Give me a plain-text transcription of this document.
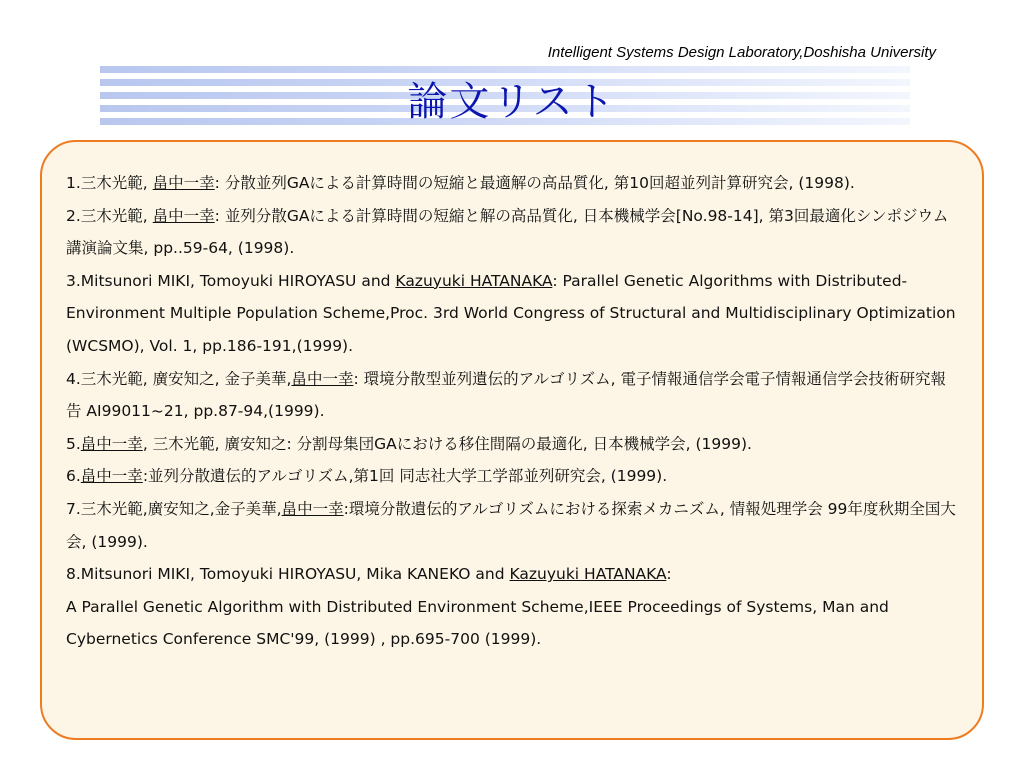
Intelligent Systems Design Laboratory,Doshisha University
論文リスト

1.三木光範, 畠中一幸: 分散並列GAによる計算時間の短縮と最適解の高品質化, 第10回超並列計算研究会, (1998).

2.三木光範, 畠中一幸: 並列分散GAによる計算時間の短縮と解の高品質化, 日本機械学会[No.98-14], 第3回最適化シンポジウム講演論文集, pp..59-64, (1998).

3.Mitsunori MIKI, Tomoyuki HIROYASU and Kazuyuki HATANAKA: Parallel Genetic Algorithms with Distributed-Environment Multiple Population Scheme,Proc. 3rd World Congress of Structural and Multidisciplinary Optimization (WCSMO), Vol. 1, pp.186-191,(1999).

4.三木光範, 廣安知之, 金子美華,畠中一幸: 環境分散型並列遺伝的アルゴリズム, 電子情報通信学会電子情報通信学会技術研究報告 AI99011~21, pp.87-94,(1999).

5.畠中一幸, 三木光範, 廣安知之: 分割母集団GAにおける移住間隔の最適化, 日本機械学会, (1999).

6.畠中一幸:並列分散遺伝的アルゴリズム,第1回 同志社大学工学部並列研究会, (1999).

7.三木光範,廣安知之,金子美華,畠中一幸:環境分散遺伝的アルゴリズムにおける探索メカニズム, 情報処理学会 99年度秋期全国大会, (1999).

8.Mitsunori MIKI, Tomoyuki HIROYASU, Mika KANEKO and Kazuyuki HATANAKA:
A Parallel Genetic Algorithm with Distributed Environment Scheme,IEEE Proceedings of Systems, Man and Cybernetics Conference SMC'99, (1999) , pp.695-700 (1999).
